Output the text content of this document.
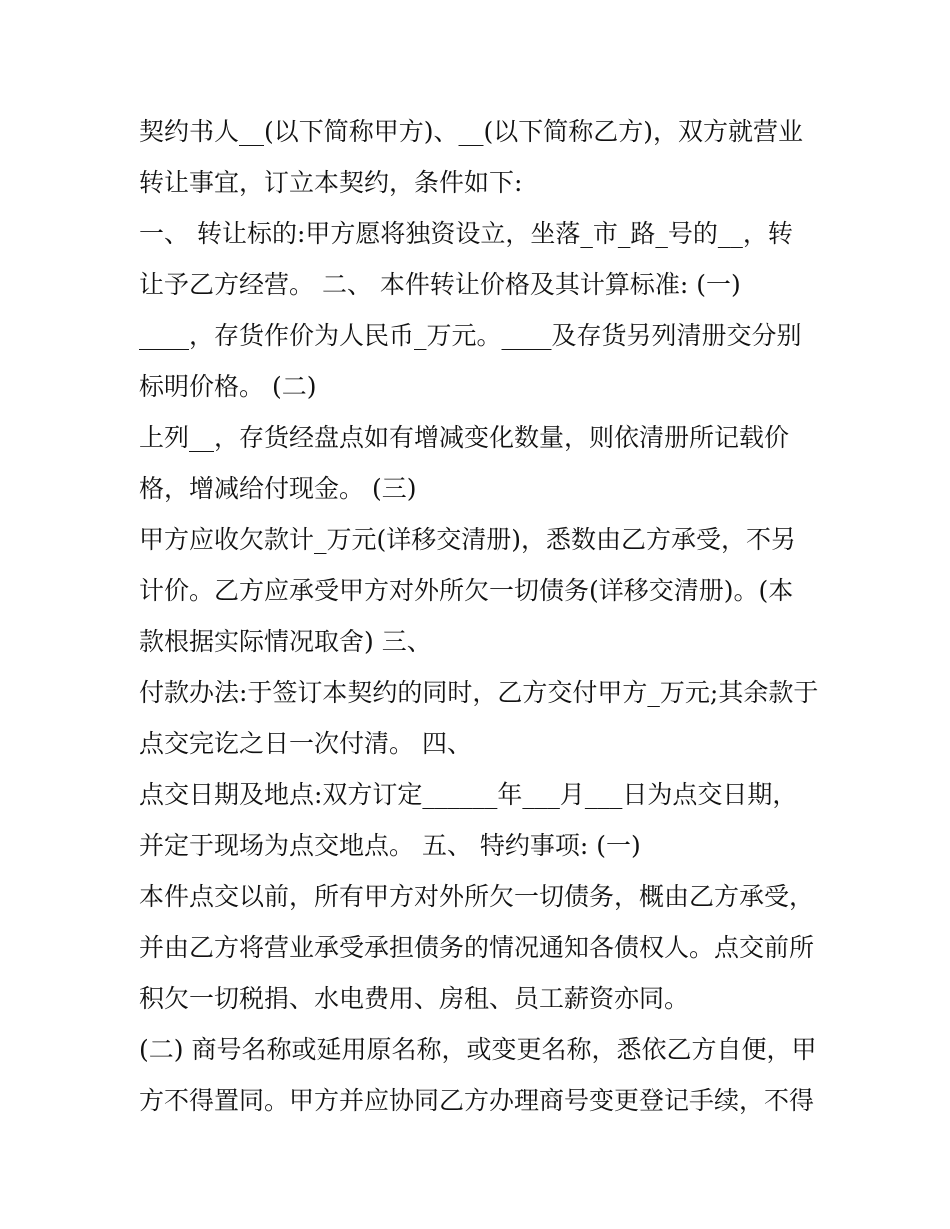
契约书人__(以下简称甲方)、__(以下简称乙方)，双方就营业
转让事宜，订立本契约，条件如下:
一、 转让标的:甲方愿将独资设立，坐落_市_路_号的__，转
让予乙方经营。 二、 本件转让价格及其计算标准: (一)
____，存货作价为人民币_万元。____及存货另列清册交分别
标明价格。 (二)
上列__，存货经盘点如有增减变化数量，则依清册所记载价
格，增减给付现金。 (三)
甲方应收欠款计_万元(详移交清册)，悉数由乙方承受，不另
计价。乙方应承受甲方对外所欠一切债务(详移交清册)。(本
款根据实际情况取舍) 三、
付款办法:于签订本契约的同时，乙方交付甲方_万元;其余款于
点交完讫之日一次付清。 四、
点交日期及地点:双方订定______年___月___日为点交日期，
并定于现场为点交地点。 五、 特约事项: (一)
本件点交以前，所有甲方对外所欠一切债务，概由乙方承受，
并由乙方将营业承受承担债务的情况通知各债权人。点交前所
积欠一切税捐、水电费用、房租、员工薪资亦同。
(二) 商号名称或延用原名称，或变更名称，悉依乙方自便，甲
方不得置同。甲方并应协同乙方办理商号变更登记手续，不得
